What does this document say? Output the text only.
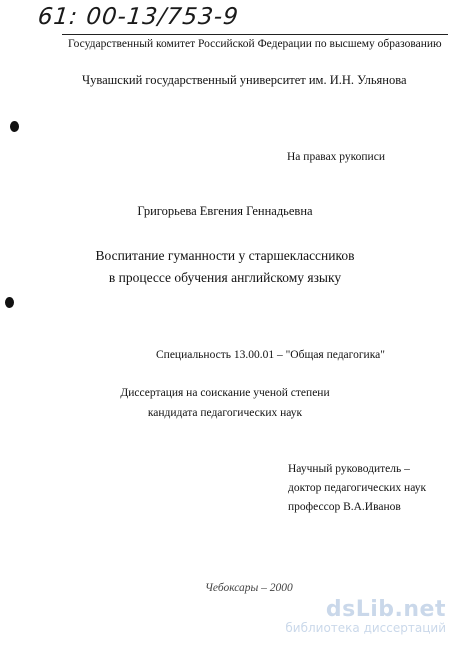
61: 00-13/753-9
Государственный комитет Российской Федерации по высшему образованию
Чувашский государственный университет им. И.Н. Ульянова
На правах рукописи
Григорьева Евгения Геннадьевна
Воспитание гуманности у старшеклассников
в процессе обучения английскому языку
Специальность 13.00.01 – "Общая педагогика"
Диссертация на соискание ученой степени
кандидата педагогических наук
Научный руководитель –
доктор педагогических наук
профессор В.А.Иванов
Чебоксары – 2000
dsLib.net
библиотека диссертаций
